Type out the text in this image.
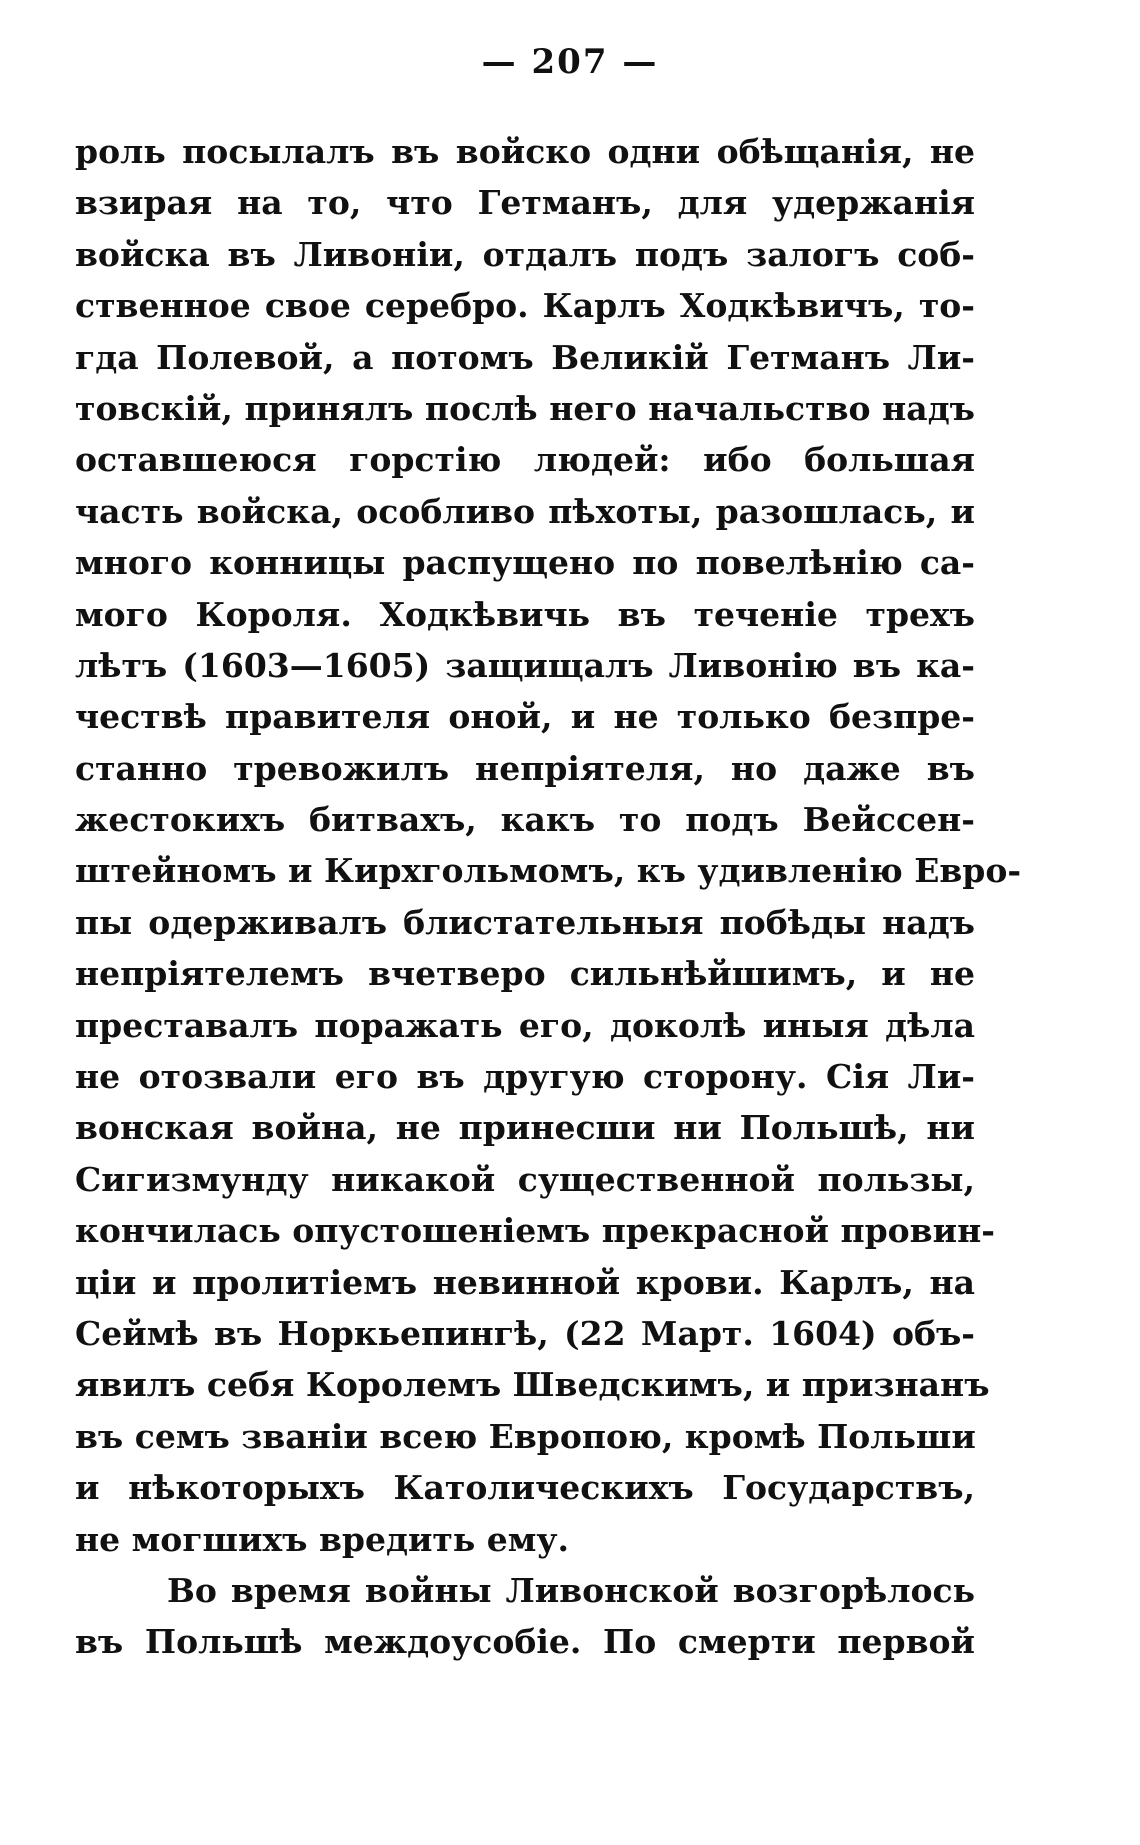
— 207 —
роль посылалъ въ войско одни обѣщанія, не
взирая на то, что Гетманъ, для удержанія
войска въ Ливоніи, отдалъ подъ залогъ соб-
ственное свое серебро. Карлъ Ходкѣвичъ, то-
гда Полевой, а потомъ Великій Гетманъ Ли-
товскій, принялъ послѣ него начальство надъ
оставшеюся горстію людей: ибо большая
часть войска, особливо пѣхоты, разошлась, и
много конницы распущено по повелѣнію са-
мого Короля. Ходкѣвичь въ теченіе трехъ
лѣтъ (1603—1605) защищалъ Ливонію въ ка-
чествѣ правителя оной, и не только безпре-
станно тревожилъ непріятеля, но даже въ
жестокихъ битвахъ, какъ то подъ Вейссен-
штейномъ и Кирхгольмомъ, къ удивленію Евро-
пы одерживалъ блистательныя побѣды надъ
непріятелемъ вчетверо сильнѣйшимъ, и не
преставалъ поражать его, доколѣ иныя дѣла
не отозвали его въ другую сторону. Сія Ли-
вонская война, не принесши ни Польшѣ, ни
Сигизмунду никакой существенной пользы,
кончилась опустошеніемъ прекрасной провин-
ціи и пролитіемъ невинной крови. Карлъ, на
Сеймѣ въ Норкьепингѣ, (22 Март. 1604) объ-
явилъ себя Королемъ Шведскимъ, и признанъ
въ семъ званіи всею Европою, кромѣ Польши
и нѣкоторыхъ Католическихъ Государствъ,
не могшихъ вредить ему.
Во время войны Ливонской возгорѣлось
въ Польшѣ междоусобіе. По смерти первой
